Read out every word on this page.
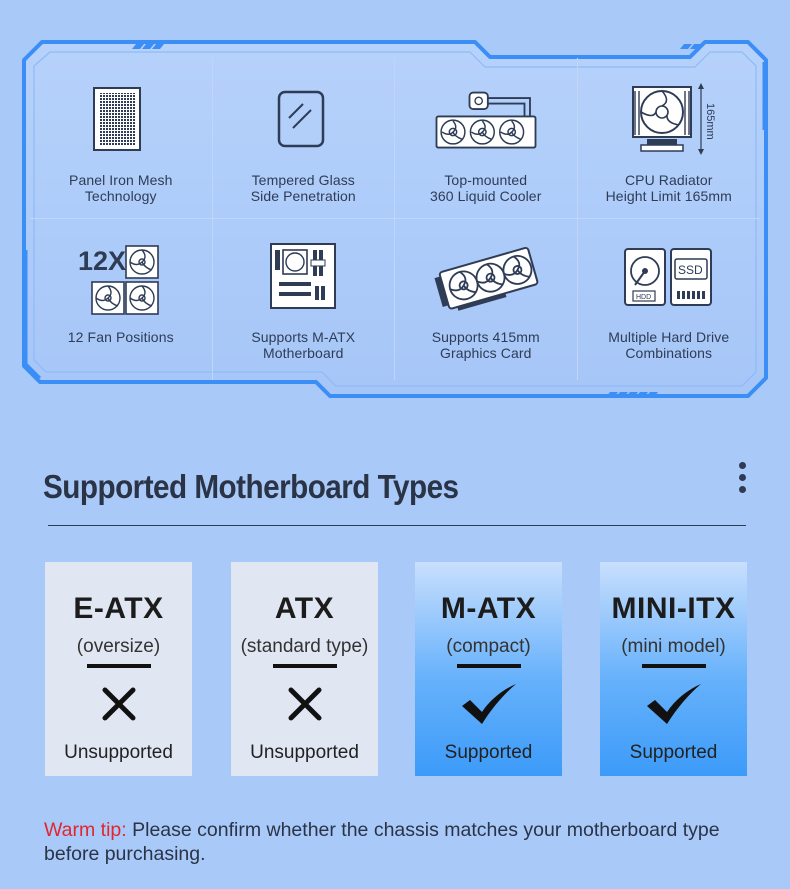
Panel Iron Mesh
Technology
Tempered Glass
Side Penetration
Top-mounted
360 Liquid Cooler
165mm
CPU Radiator
Height Limit 165mm
12X
12 Fan Positions	Supports M-ATX
Motherboard
Supports 415mm
Graphics Card
HDD
SSD
Multiple Hard Drive
Combinations
Supported Motherboard Types
E-ATX
(oversize)
Unsupported
ATX
(standard type)
Unsupported
M-ATX
(compact)
Supported
MINI-ITX
(mini model)
Supported
Warm tip: Please confirm whether the chassis matches your motherboard type before purchasing.
